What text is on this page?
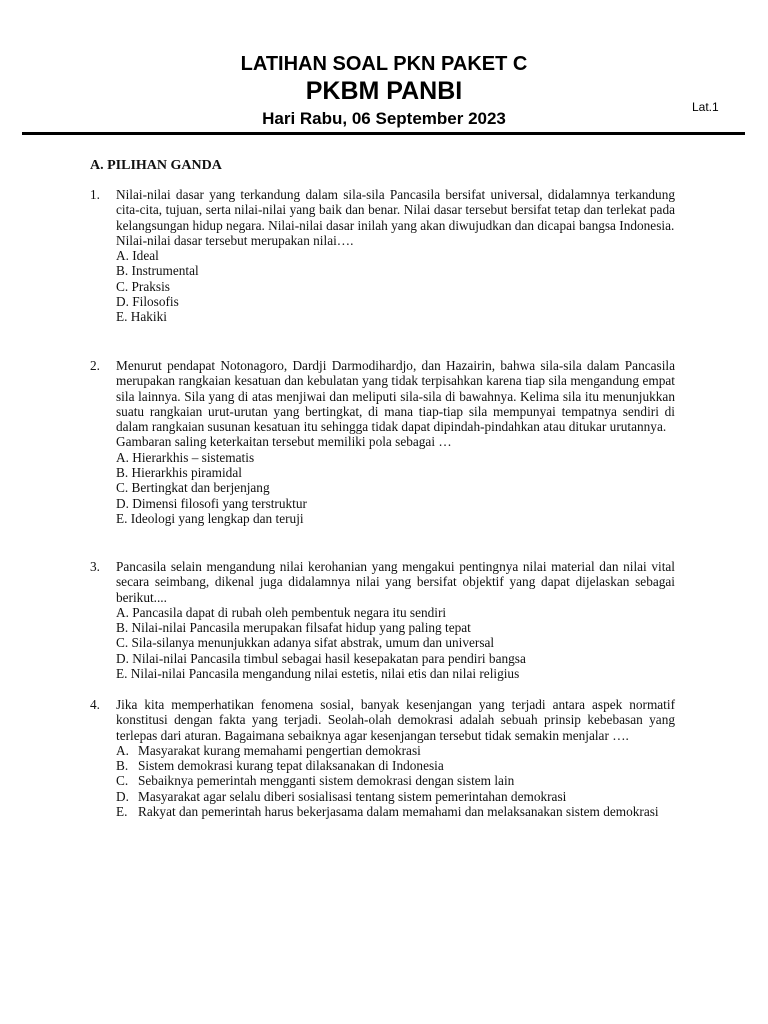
LATIHAN SOAL PKN PAKET C
PKBM PANBI
Hari Rabu, 06 September 2023
Lat.1
A. PILIHAN GANDA
1. Nilai-nilai dasar yang terkandung dalam sila-sila Pancasila bersifat universal, didalamnya terkandung cita-cita, tujuan, serta nilai-nilai yang baik dan benar. Nilai dasar tersebut bersifat tetap dan terlekat pada kelangsungan hidup negara. Nilai-nilai dasar inilah yang akan diwujudkan dan dicapai bangsa Indonesia.
Nilai-nilai dasar tersebut merupakan nilai….
A. Ideal
B. Instrumental
C. Praksis
D. Filosofis
E. Hakiki
2. Menurut pendapat Notonagoro, Dardji Darmodihardjo, dan Hazairin, bahwa sila-sila dalam Pancasila merupakan rangkaian kesatuan dan kebulatan yang tidak terpisahkan karena tiap sila mengandung empat sila lainnya. Sila yang di atas menjiwai dan meliputi sila-sila di bawahnya. Kelima sila itu menunjukkan suatu rangkaian urut-urutan yang bertingkat, di mana tiap-tiap sila mempunyai tempatnya sendiri di dalam rangkaian susunan kesatuan itu sehingga tidak dapat dipindah-pindahkan atau ditukar urutannya.
Gambaran saling keterkaitan tersebut memiliki pola sebagai …
A. Hierarkhis – sistematis
B. Hierarkhis piramidal
C. Bertingkat dan berjenjang
D. Dimensi filosofi yang terstruktur
E. Ideologi yang lengkap dan teruji
3. Pancasila selain mengandung nilai kerohanian yang mengakui pentingnya nilai material dan nilai vital secara seimbang, dikenal juga didalamnya nilai yang bersifat objektif yang dapat dijelaskan sebagai berikut....
A. Pancasila dapat di rubah oleh pembentuk negara itu sendiri
B. Nilai-nilai Pancasila merupakan filsafat hidup yang paling tepat
C. Sila-silanya menunjukkan adanya sifat abstrak, umum dan universal
D. Nilai-nilai Pancasila timbul sebagai hasil kesepakatan para pendiri bangsa
E. Nilai-nilai Pancasila mengandung nilai estetis, nilai etis dan nilai religius
4. Jika kita memperhatikan fenomena sosial, banyak kesenjangan yang terjadi antara aspek normatif konstitusi dengan fakta yang terjadi. Seolah-olah demokrasi adalah sebuah prinsip kebebasan yang terlepas dari aturan. Bagaimana sebaiknya agar kesenjangan tersebut tidak semakin menjalar ….
A. Masyarakat kurang memahami pengertian demokrasi
B. Sistem demokrasi kurang tepat dilaksanakan di Indonesia
C. Sebaiknya pemerintah mengganti sistem demokrasi dengan sistem lain
D. Masyarakat agar selalu diberi sosialisasi tentang sistem pemerintahan demokrasi
E. Rakyat dan pemerintah harus bekerjasama dalam memahami dan melaksanakan sistem demokrasi
